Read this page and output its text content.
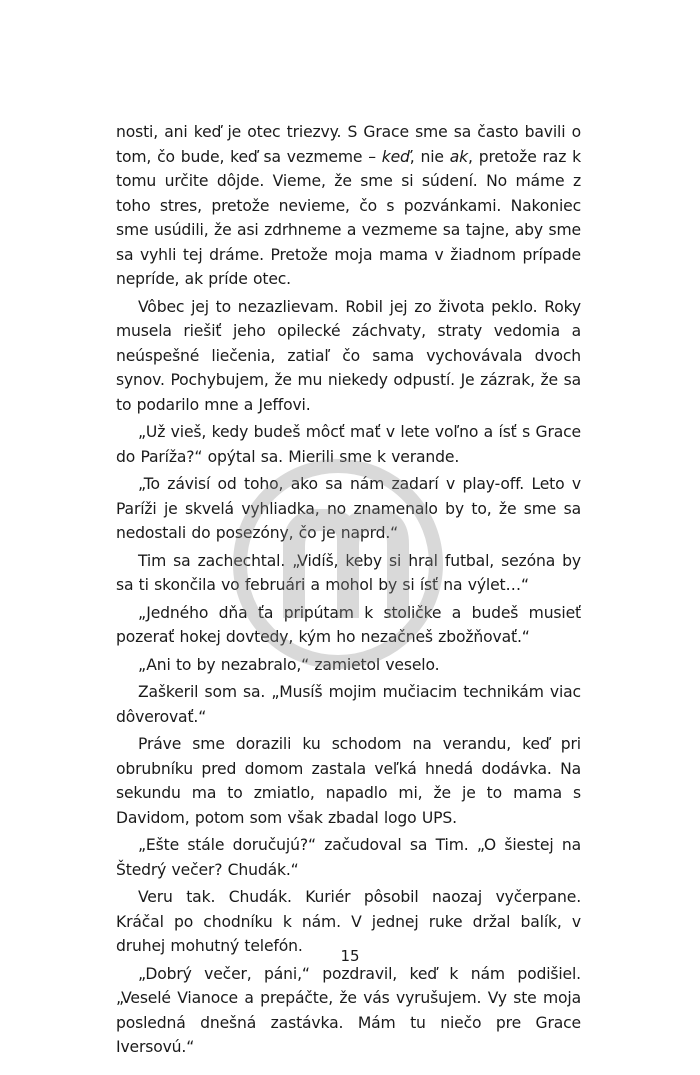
nosti, ani keď je otec triezvy. S Grace sme sa často bavili o tom, čo bude, keď sa vezmeme – keď, nie ak, pretože raz k tomu určite dôjde. Vieme, že sme si súdení. No máme z toho stres, pretože nevieme, čo s pozvánkami. Nakoniec sme usúdili, že asi zdrhneme a vezmeme sa tajne, aby sme sa vyhli tej dráme. Pretože moja mama v žiadnom prípade nepríde, ak príde otec.

Vôbec jej to nezazlievam. Robil jej zo života peklo. Roky musela riešiť jeho opilecké záchvaty, straty vedomia a neúspešné liečenia, zatiaľ čo sama vychovávala dvoch synov. Pochybujem, že mu niekedy odpustí. Je zázrak, že sa to podarilo mne a Jeffovi.

„Už vieš, kedy budeš môcť mať v lete voľno a ísť s Grace do Paríža?“ opýtal sa. Mierili sme k verande.

„To závisí od toho, ako sa nám zadarí v play-off. Leto v Paríži je skvelá vyhliadka, no znamenalo by to, že sme sa nedostali do posezóny, čo je naprd.“

Tim sa zachechtal. „Vidíš, keby si hral futbal, sezóna by sa ti skončila vo februári a mohol by si ísť na výlet…“

„Jedného dňa ťa pripútam k stoličke a budeš musieť pozerať hokej dovtedy, kým ho nezačneš zbožňovať.“

„Ani to by nezabralo,“ zamietol veselo.

Zaškeril som sa. „Musíš mojim mučiacim technikám viac dôverovať.“

Práve sme dorazili ku schodom na verandu, keď pri obrubníku pred domom zastala veľká hnedá dodávka. Na sekundu ma to zmiatlo, napadlo mi, že je to mama s Davidom, potom som však zbadal logo UPS.

„Ešte stále doručujú?“ začudoval sa Tim. „O šiestej na Štedrý večer? Chudák.“

Veru tak. Chudák. Kuriér pôsobil naozaj vyčerpane. Kráčal po chodníku k nám. V jednej ruke držal balík, v druhej mohutný telefón.

„Dobrý večer, páni,“ pozdravil, keď k nám podišiel. „Veselé Vianoce a prepáčte, že vás vyrušujem. Vy ste moja posledná dnešná zastávka. Mám tu niečo pre Grace Iversovú.“

15
